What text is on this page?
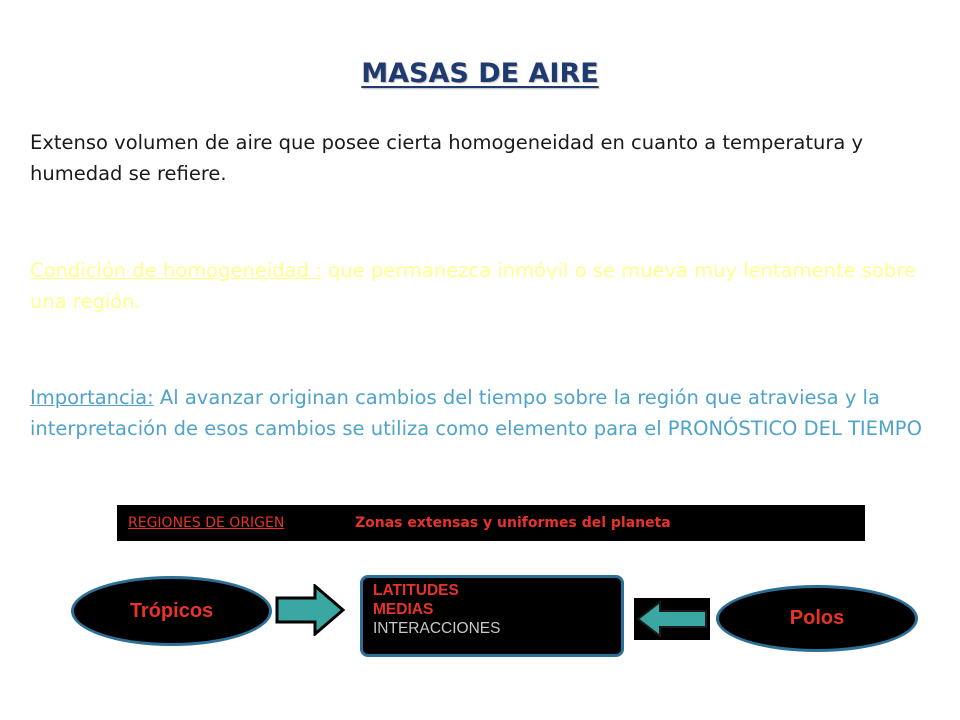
MASAS DE AIRE
Extenso volumen de aire que posee cierta homogeneidad en cuanto a temperatura y humedad se refiere.
Condición de homogeneidad : que permanezca inmóvil o se mueva muy lentamente sobre una región.
Importancia: Al avanzar originan cambios del tiempo sobre la región que atraviesa y la interpretación de esos cambios se utiliza como elemento para el PRONÓSTICO DEL TIEMPO
REGIONES DE ORIGEN	Zonas extensas y uniformes del planeta
Trópicos
LATITUDES
MEDIAS
INTERACCIONES	Polos
